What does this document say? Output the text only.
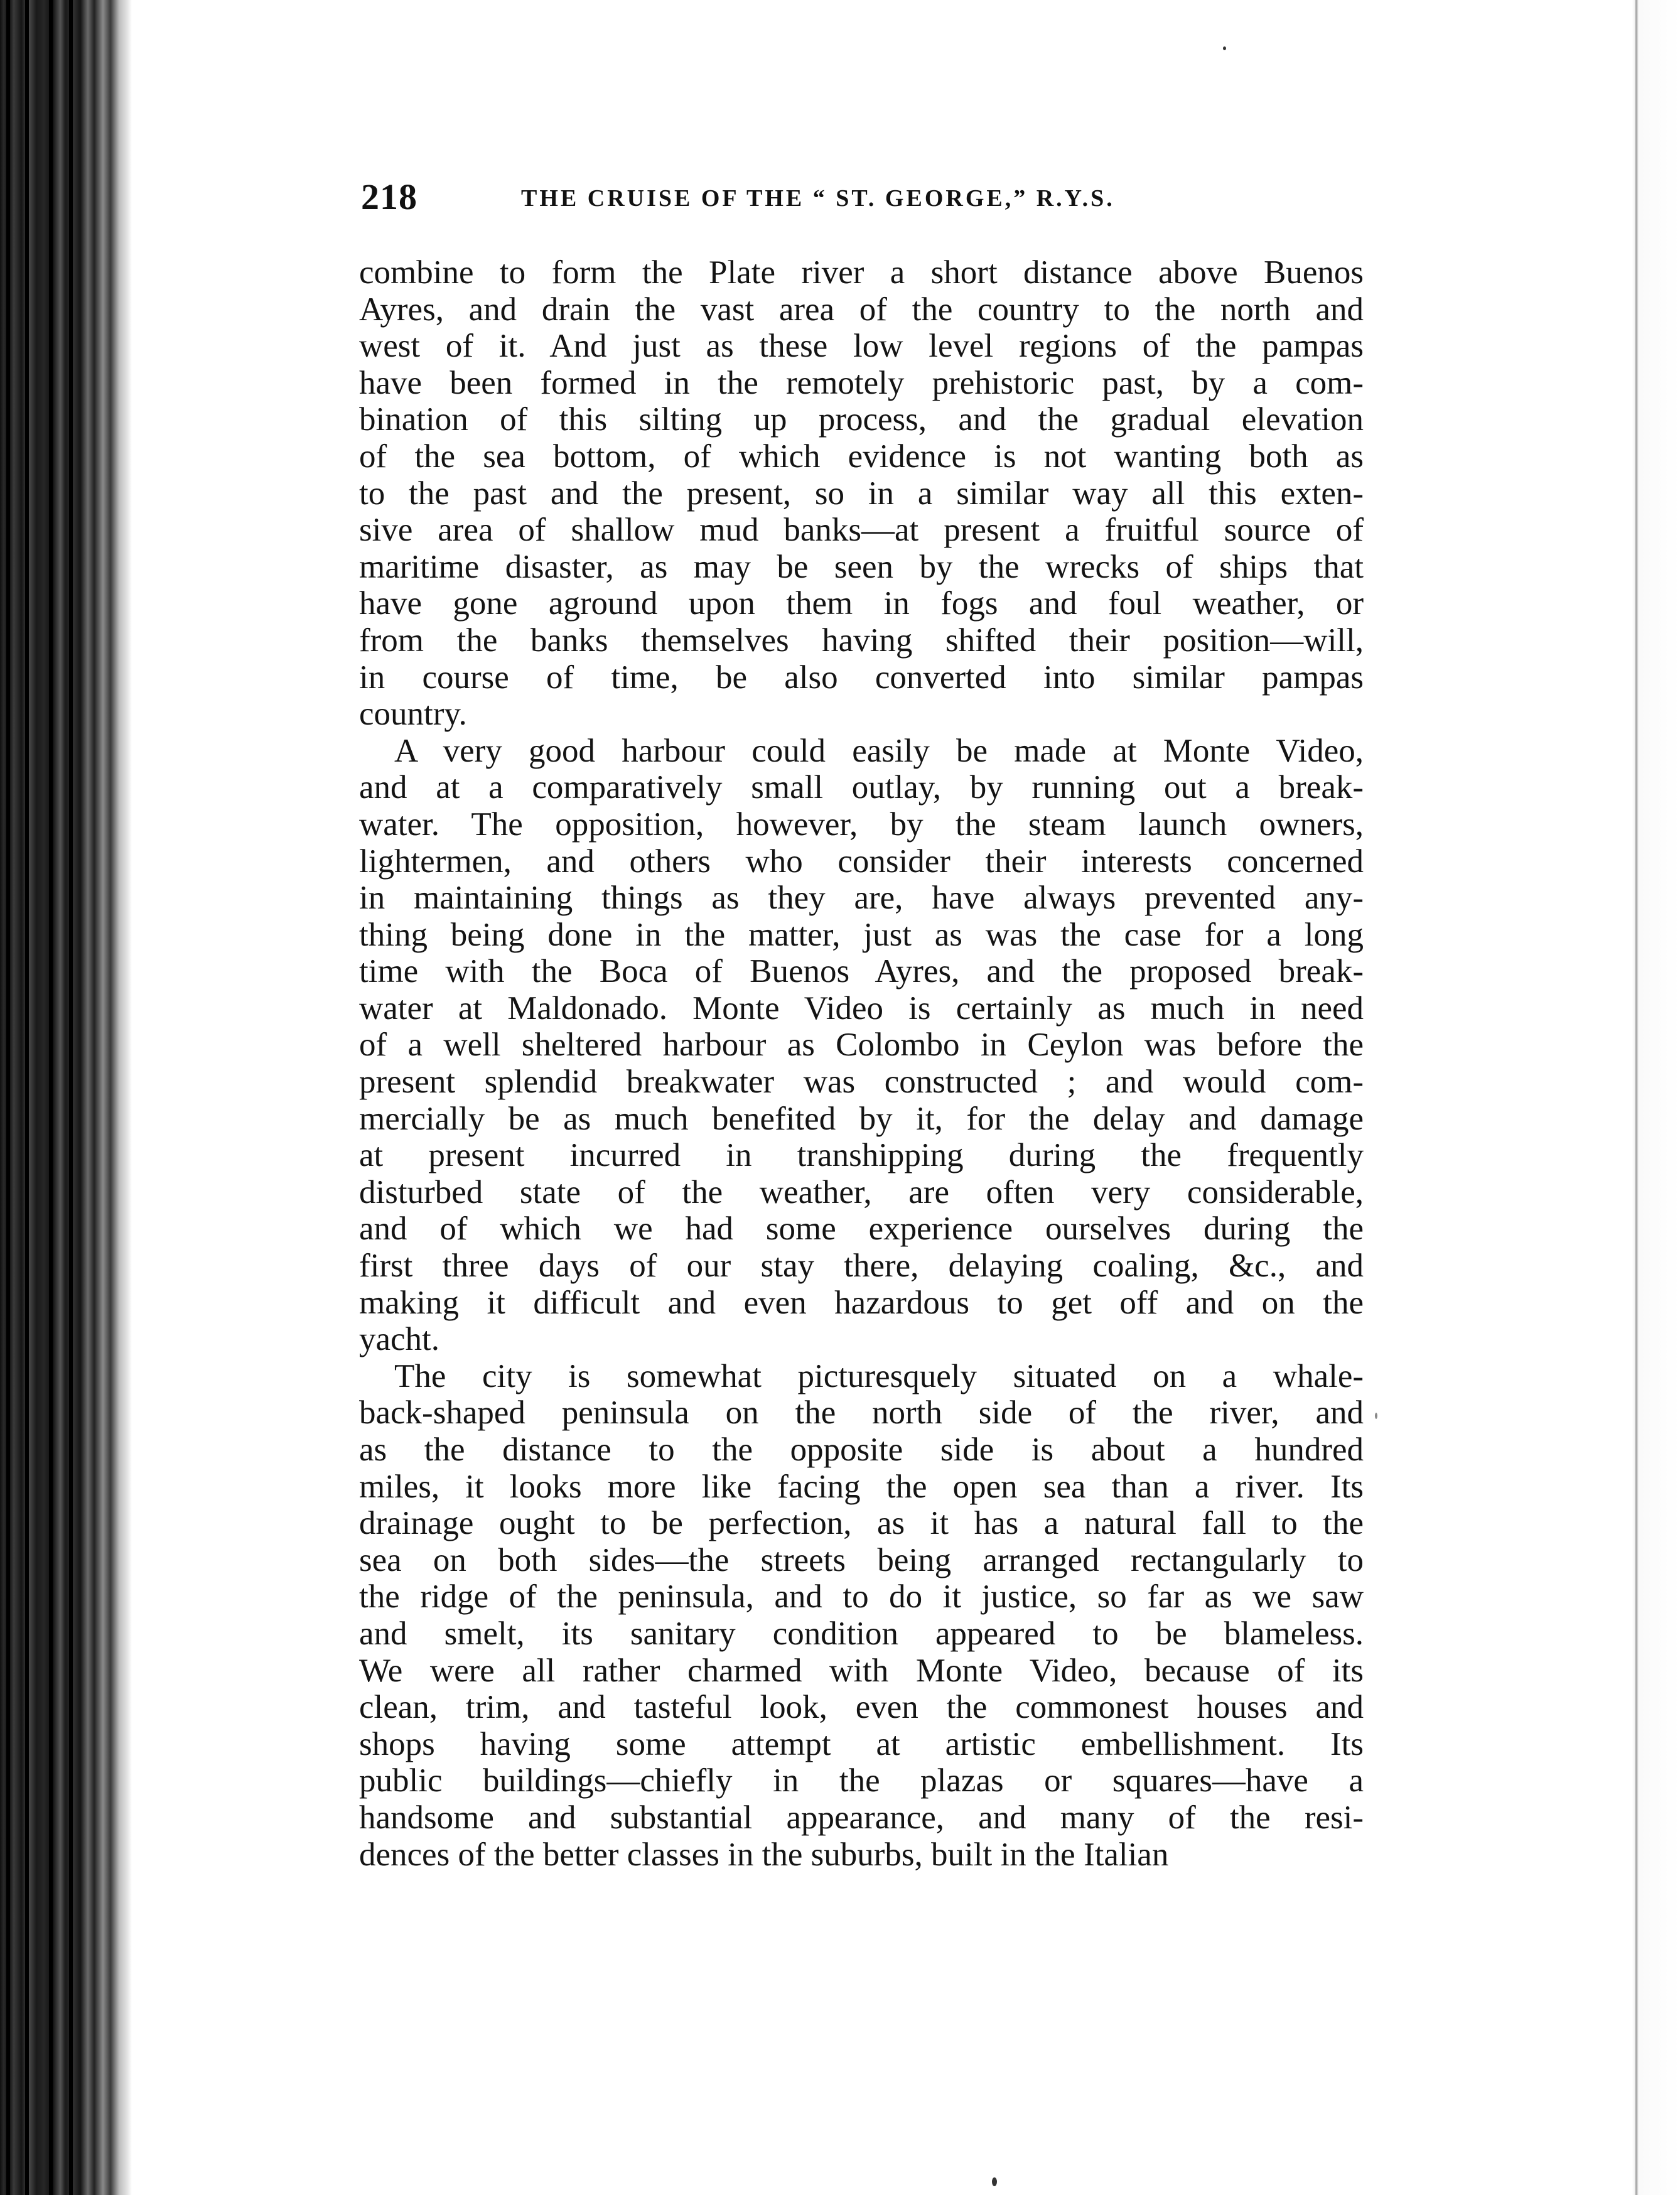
218	THE CRUISE OF THE “ ST. GEORGE,” R.Y.S.
combine to form the Plate river a short distance above Buenos
Ayres, and drain the vast area of the country to the north and
west of it. And just as these low level regions of the pampas
have been formed in the remotely prehistoric past, by a com-
bination of this silting up process, and the gradual elevation
of the sea bottom, of which evidence is not wanting both as
to the past and the present, so in a similar way all this exten-
sive area of shallow mud banks—at present a fruitful source of
maritime disaster, as may be seen by the wrecks of ships that
have gone aground upon them in fogs and foul weather, or
from the banks themselves having shifted their position—will,
in course of time, be also converted into similar pampas
country.
A very good harbour could easily be made at Monte Video,
and at a comparatively small outlay, by running out a break-
water. The opposition, however, by the steam launch owners,
lightermen, and others who consider their interests concerned
in maintaining things as they are, have always prevented any-
thing being done in the matter, just as was the case for a long
time with the Boca of Buenos Ayres, and the proposed break-
water at Maldonado. Monte Video is certainly as much in need
of a well sheltered harbour as Colombo in Ceylon was before the
present splendid breakwater was constructed ; and would com-
mercially be as much benefited by it, for the delay and damage
at present incurred in transhipping during the frequently
disturbed state of the weather, are often very considerable,
and of which we had some experience ourselves during the
first three days of our stay there, delaying coaling, &c., and
making it difficult and even hazardous to get off and on the
yacht.
The city is somewhat picturesquely situated on a whale-
back-shaped peninsula on the north side of the river, and
as the distance to the opposite side is about a hundred
miles, it looks more like facing the open sea than a river. Its
drainage ought to be perfection, as it has a natural fall to the
sea on both sides—the streets being arranged rectangularly to
the ridge of the peninsula, and to do it justice, so far as we saw
and smelt, its sanitary condition appeared to be blameless.
We were all rather charmed with Monte Video, because of its
clean, trim, and tasteful look, even the commonest houses and
shops having some attempt at artistic embellishment. Its
public buildings—chiefly in the plazas or squares—have a
handsome and substantial appearance, and many of the resi-
dences of the better classes in the suburbs, built in the Italian
